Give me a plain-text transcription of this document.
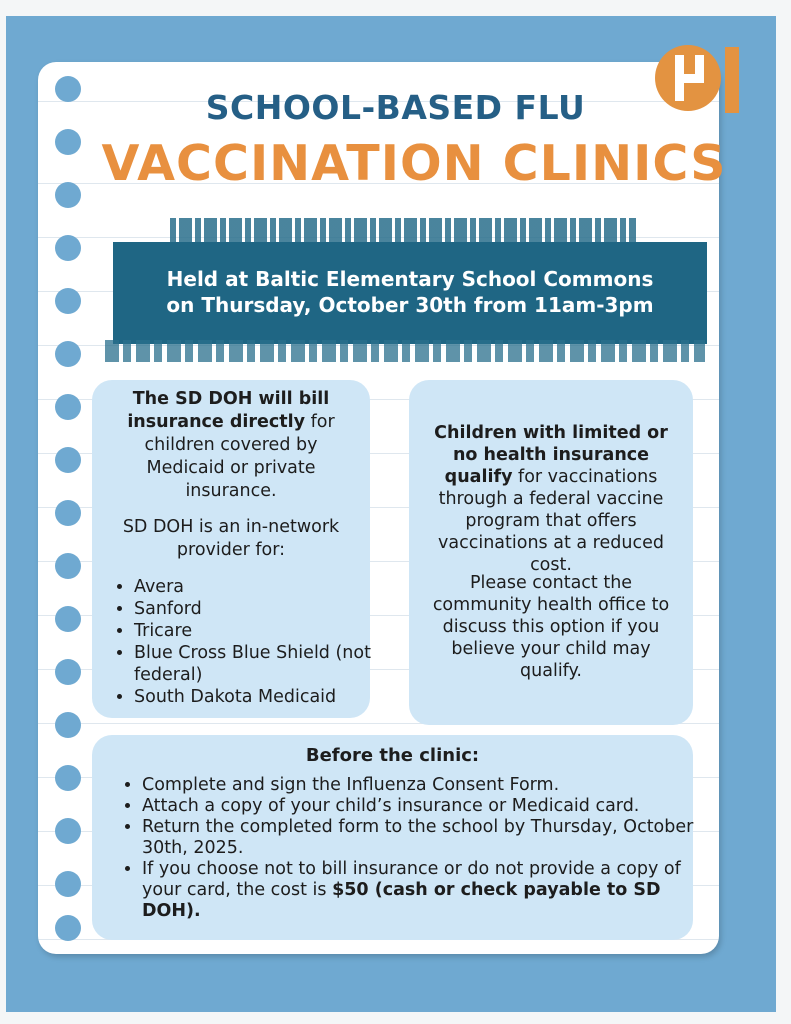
SCHOOL-BASED FLU
VACCINATION CLINICS
Held at Baltic Elementary School Commons
on Thursday, October 30th from 11am-3pm
The SD DOH will bill insurance directly for children covered by Medicaid or private insurance.
SD DOH is an in-network provider for:
• Avera
• Sanford
• Tricare
• Blue Cross Blue Shield (not federal)
• South Dakota Medicaid
Children with limited or no health insurance qualify for vaccinations through a federal vaccine program that offers vaccinations at a reduced cost.
Please contact the community health office to discuss this option if you believe your child may qualify.
Before the clinic:
• Complete and sign the Influenza Consent Form.
• Attach a copy of your child’s insurance or Medicaid card.
• Return the completed form to the school by Thursday, October 30th, 2025.
• If you choose not to bill insurance or do not provide a copy of your card, the cost is $50 (cash or check payable to SD DOH).
